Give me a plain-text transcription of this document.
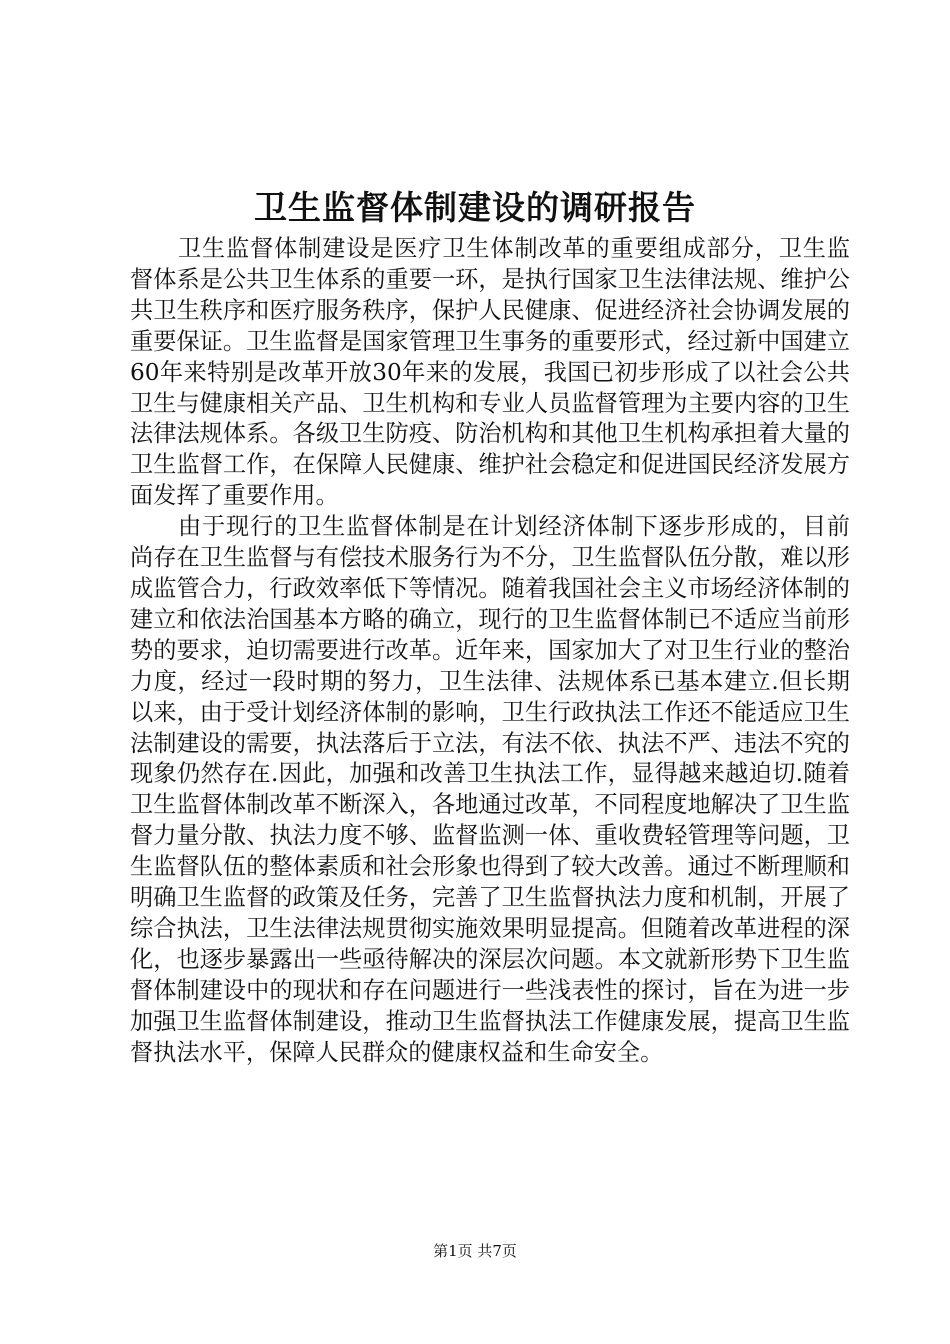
卫生监督体制建设的调研报告

卫生监督体制建设是医疗卫生体制改革的重要组成部分，卫生监督体系是公共卫生体系的重要一环，是执行国家卫生法律法规、维护公共卫生秩序和医疗服务秩序，保护人民健康、促进经济社会协调发展的重要保证。卫生监督是国家管理卫生事务的重要形式，经过新中国建立60年来特别是改革开放30年来的发展，我国已初步形成了以社会公共卫生与健康相关产品、卫生机构和专业人员监督管理为主要内容的卫生法律法规体系。各级卫生防疫、防治机构和其他卫生机构承担着大量的卫生监督工作，在保障人民健康、维护社会稳定和促进国民经济发展方面发挥了重要作用。

由于现行的卫生监督体制是在计划经济体制下逐步形成的，目前尚存在卫生监督与有偿技术服务行为不分，卫生监督队伍分散，难以形成监管合力，行政效率低下等情况。随着我国社会主义市场经济体制的建立和依法治国基本方略的确立，现行的卫生监督体制已不适应当前形势的要求，迫切需要进行改革。近年来，国家加大了对卫生行业的整治力度，经过一段时期的努力，卫生法律、法规体系已基本建立.但长期以来，由于受计划经济体制的影响，卫生行政执法工作还不能适应卫生法制建设的需要，执法落后于立法，有法不依、执法不严、违法不究的现象仍然存在.因此，加强和改善卫生执法工作，显得越来越迫切.随着卫生监督体制改革不断深入，各地通过改革，不同程度地解决了卫生监督力量分散、执法力度不够、监督监测一体、重收费轻管理等问题，卫生监督队伍的整体素质和社会形象也得到了较大改善。通过不断理顺和明确卫生监督的政策及任务，完善了卫生监督执法力度和机制，开展了综合执法，卫生法律法规贯彻实施效果明显提高。但随着改革进程的深化，也逐步暴露出一些亟待解决的深层次问题。本文就新形势下卫生监督体制建设中的现状和存在问题进行一些浅表性的探讨，旨在为进一步加强卫生监督体制建设，推动卫生监督执法工作健康发展，提高卫生监督执法水平，保障人民群众的健康权益和生命安全。

第1页 共7页
